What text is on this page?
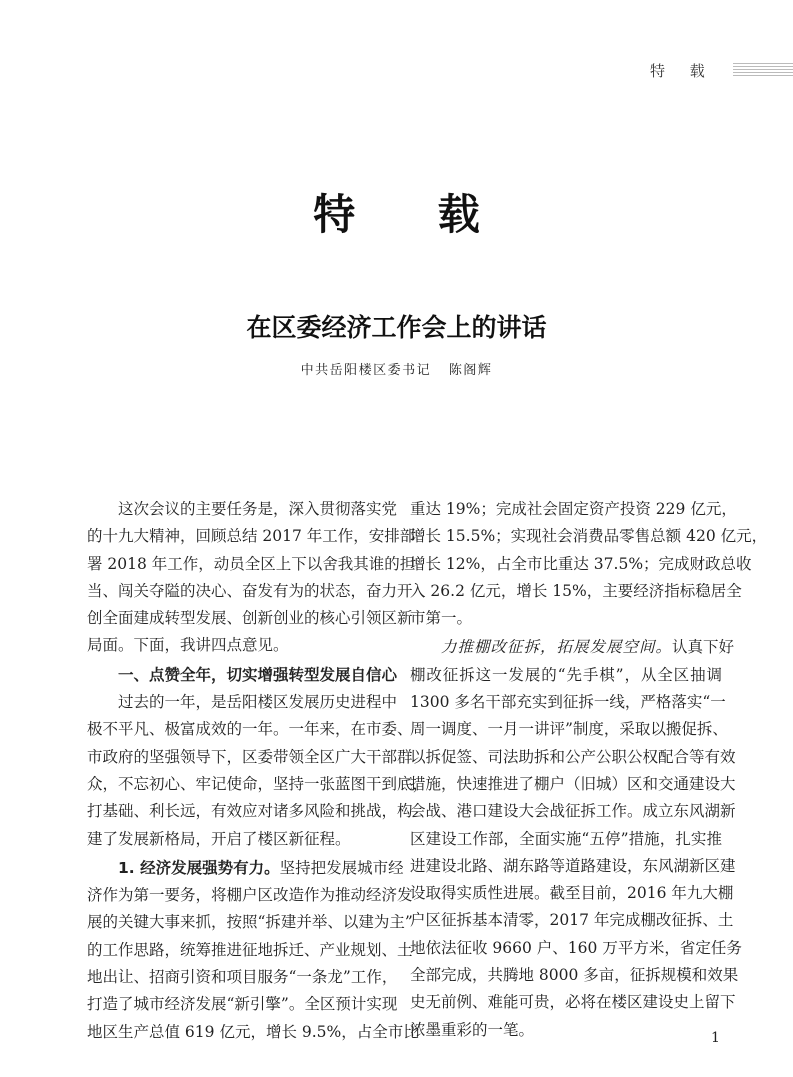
特 载
特 载
在区委经济工作会上的讲话
中共岳阳楼区委书记 陈阁辉
这次会议的主要任务是，深入贯彻落实党
的十九大精神，回顾总结 2017 年工作，安排部
署 2018 年工作，动员全区上下以舍我其谁的担
当、闯关夺隘的决心、奋发有为的状态，奋力开
创全面建成转型发展、创新创业的核心引领区新
局面。下面，我讲四点意见。
一、点赞全年，切实增强转型发展自信心
过去的一年，是岳阳楼区发展历史进程中
极不平凡、极富成效的一年。一年来，在市委、
市政府的坚强领导下，区委带领全区广大干部群
众，不忘初心、牢记使命，坚持一张蓝图干到底，
打基础、利长远，有效应对诸多风险和挑战，构
建了发展新格局，开启了楼区新征程。
1. 经济发展强势有力。坚持把发展城市经
济作为第一要务，将棚户区改造作为推动经济发
展的关键大事来抓，按照“拆建并举、以建为主”
的工作思路，统筹推进征地拆迁、产业规划、土
地出让、招商引资和项目服务“一条龙”工作，
打造了城市经济发展“新引擎”。全区预计实现
地区生产总值 619 亿元，增长 9.5%，占全市比
重达 19%；完成社会固定资产投资 229 亿元，
增长 15.5%；实现社会消费品零售总额 420 亿元，
增长 12%，占全市比重达 37.5%；完成财政总收
入 26.2 亿元，增长 15%，主要经济指标稳居全
市第一。
力推棚改征拆，拓展发展空间。认真下好
棚改征拆这一发展的“先手棋”，从全区抽调
1300 多名干部充实到征拆一线，严格落实“一
周一调度、一月一讲评”制度，采取以搬促拆、
以拆促签、司法助拆和公产公职公权配合等有效
措施，快速推进了棚户（旧城）区和交通建设大
会战、港口建设大会战征拆工作。成立东风湖新
区建设工作部，全面实施“五停”措施，扎实推
进建设北路、湖东路等道路建设，东风湖新区建
设取得实质性进展。截至目前，2016 年九大棚
户区征拆基本清零，2017 年完成棚改征拆、土
地依法征收 9660 户、160 万平方米，省定任务
全部完成，共腾地 8000 多亩，征拆规模和效果
史无前例、难能可贵，必将在楼区建设史上留下
浓墨重彩的一笔。	1
